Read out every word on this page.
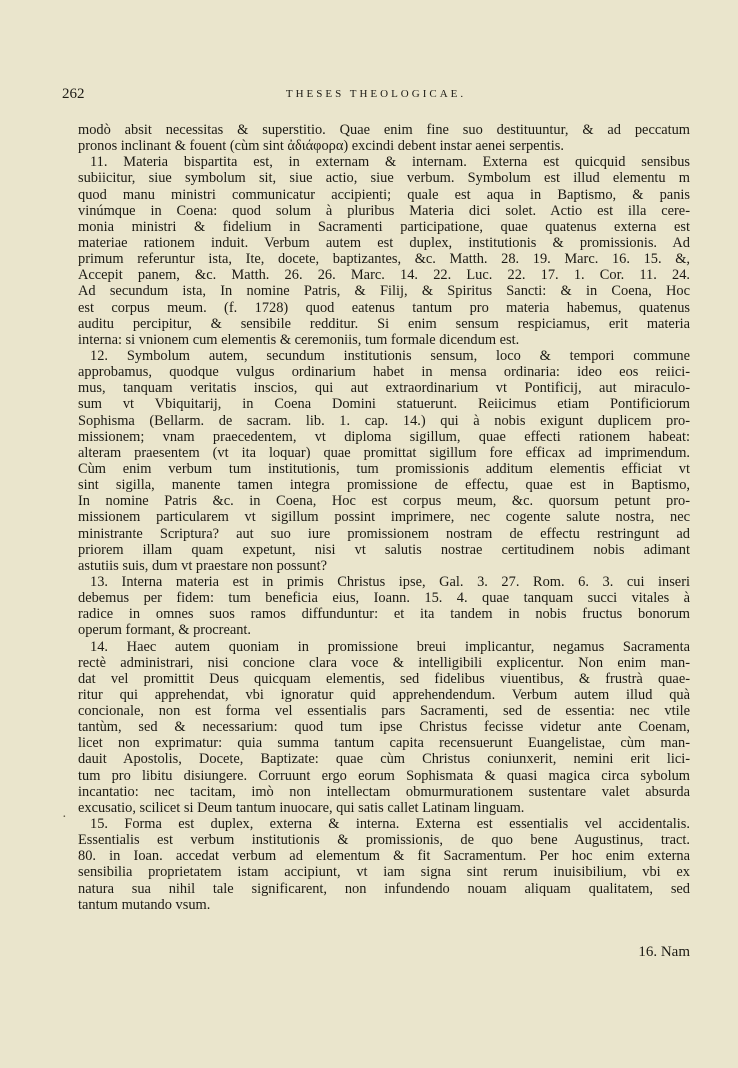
262	THESES THEOLOGICAE.
·
modò absit necessitas & superstitio. Quae enim fine suo destituuntur, & ad peccatum
pronos inclinant & fouent (cùm sint ἀδιάφορα) excindi debent instar aenei serpentis.
11. Materia bispartita est, in externam & internam. Externa est quicquid sensibus
subiicitur, siue symbolum sit, siue actio, siue verbum. Symbolum est illud elementu m
quod manu ministri communicatur accipienti; quale est aqua in Baptismo, & panis
vinúmque in Coena: quod solum à pluribus Materia dici solet. Actio est illa cere-
monia ministri & fidelium in Sacramenti participatione, quae quatenus externa est
materiae rationem induit. Verbum autem est duplex, institutionis & promissionis. Ad
primum referuntur ista, Ite, docete, baptizantes, &c. Matth. 28. 19. Marc. 16. 15. &,
Accepit panem, &c. Matth. 26. 26. Marc. 14. 22. Luc. 22. 17. 1. Cor. 11. 24.
Ad secundum ista, In nomine Patris, & Filij, & Spiritus Sancti: & in Coena, Hoc
est corpus meum. (f. 1728) quod eatenus tantum pro materia habemus, quatenus
auditu percipitur, & sensibile redditur. Si enim sensum respiciamus, erit materia
interna: si vnionem cum elementis & ceremoniis, tum formale dicendum est.
12. Symbolum autem, secundum institutionis sensum, loco & tempori commune
approbamus, quodque vulgus ordinarium habet in mensa ordinaria: ideo eos reiici-
mus, tanquam veritatis inscios, qui aut extraordinarium vt Pontificij, aut miraculo-
sum vt Vbiquitarij, in Coena Domini statuerunt. Reiicimus etiam Pontificiorum
Sophisma (Bellarm. de sacram. lib. 1. cap. 14.) qui à nobis exigunt duplicem pro-
missionem; vnam praecedentem, vt diploma sigillum, quae effecti rationem habeat:
alteram praesentem (vt ita loquar) quae promittat sigillum fore efficax ad imprimendum.
Cùm enim verbum tum institutionis, tum promissionis additum elementis efficiat vt
sint sigilla, manente tamen integra promissione de effectu, quae est in Baptismo,
In nomine Patris &c. in Coena, Hoc est corpus meum, &c. quorsum petunt pro-
missionem particularem vt sigillum possint imprimere, nec cogente salute nostra, nec
ministrante Scriptura? aut suo iure promissionem nostram de effectu restringunt ad
priorem illam quam expetunt, nisi vt salutis nostrae certitudinem nobis adimant
astutiis suis, dum vt praestare non possunt?
13. Interna materia est in primis Christus ipse, Gal. 3. 27. Rom. 6. 3. cui inseri
debemus per fidem: tum beneficia eius, Ioann. 15. 4. quae tanquam succi vitales à
radice in omnes suos ramos diffunduntur: et ita tandem in nobis fructus bonorum
operum formant, & procreant.
14. Haec autem quoniam in promissione breui implicantur, negamus Sacramenta
rectè administrari, nisi concione clara voce & intelligibili explicentur. Non enim man-
dat vel promittit Deus quicquam elementis, sed fidelibus viuentibus, & frustrà quae-
ritur qui apprehendat, vbi ignoratur quid apprehendendum. Verbum autem illud quà
concionale, non est forma vel essentialis pars Sacramenti, sed de essentia: nec vtile
tantùm, sed & necessarium: quod tum ipse Christus fecisse videtur ante Coenam,
licet non exprimatur: quia summa tantum capita recensuerunt Euangelistae, cùm man-
dauit Apostolis, Docete, Baptizate: quae cùm Christus coniunxerit, nemini erit lici-
tum pro libitu disiungere. Corruunt ergo eorum Sophismata & quasi magica circa sybolum
incantatio: nec tacitam, imò non intellectam obmurmurationem sustentare valet absurda
excusatio, scilicet si Deum tantum inuocare, qui satis callet Latinam linguam.
15. Forma est duplex, externa & interna. Externa est essentialis vel accidentalis.
Essentialis est verbum institutionis & promissionis, de quo bene Augustinus, tract.
80. in Ioan. accedat verbum ad elementum & fit Sacramentum. Per hoc enim externa
sensibilia proprietatem istam accipiunt, vt iam signa sint rerum inuisibilium, vbi ex
natura sua nihil tale significarent, non infundendo nouam aliquam qualitatem, sed
tantum mutando vsum.
16. Nam
